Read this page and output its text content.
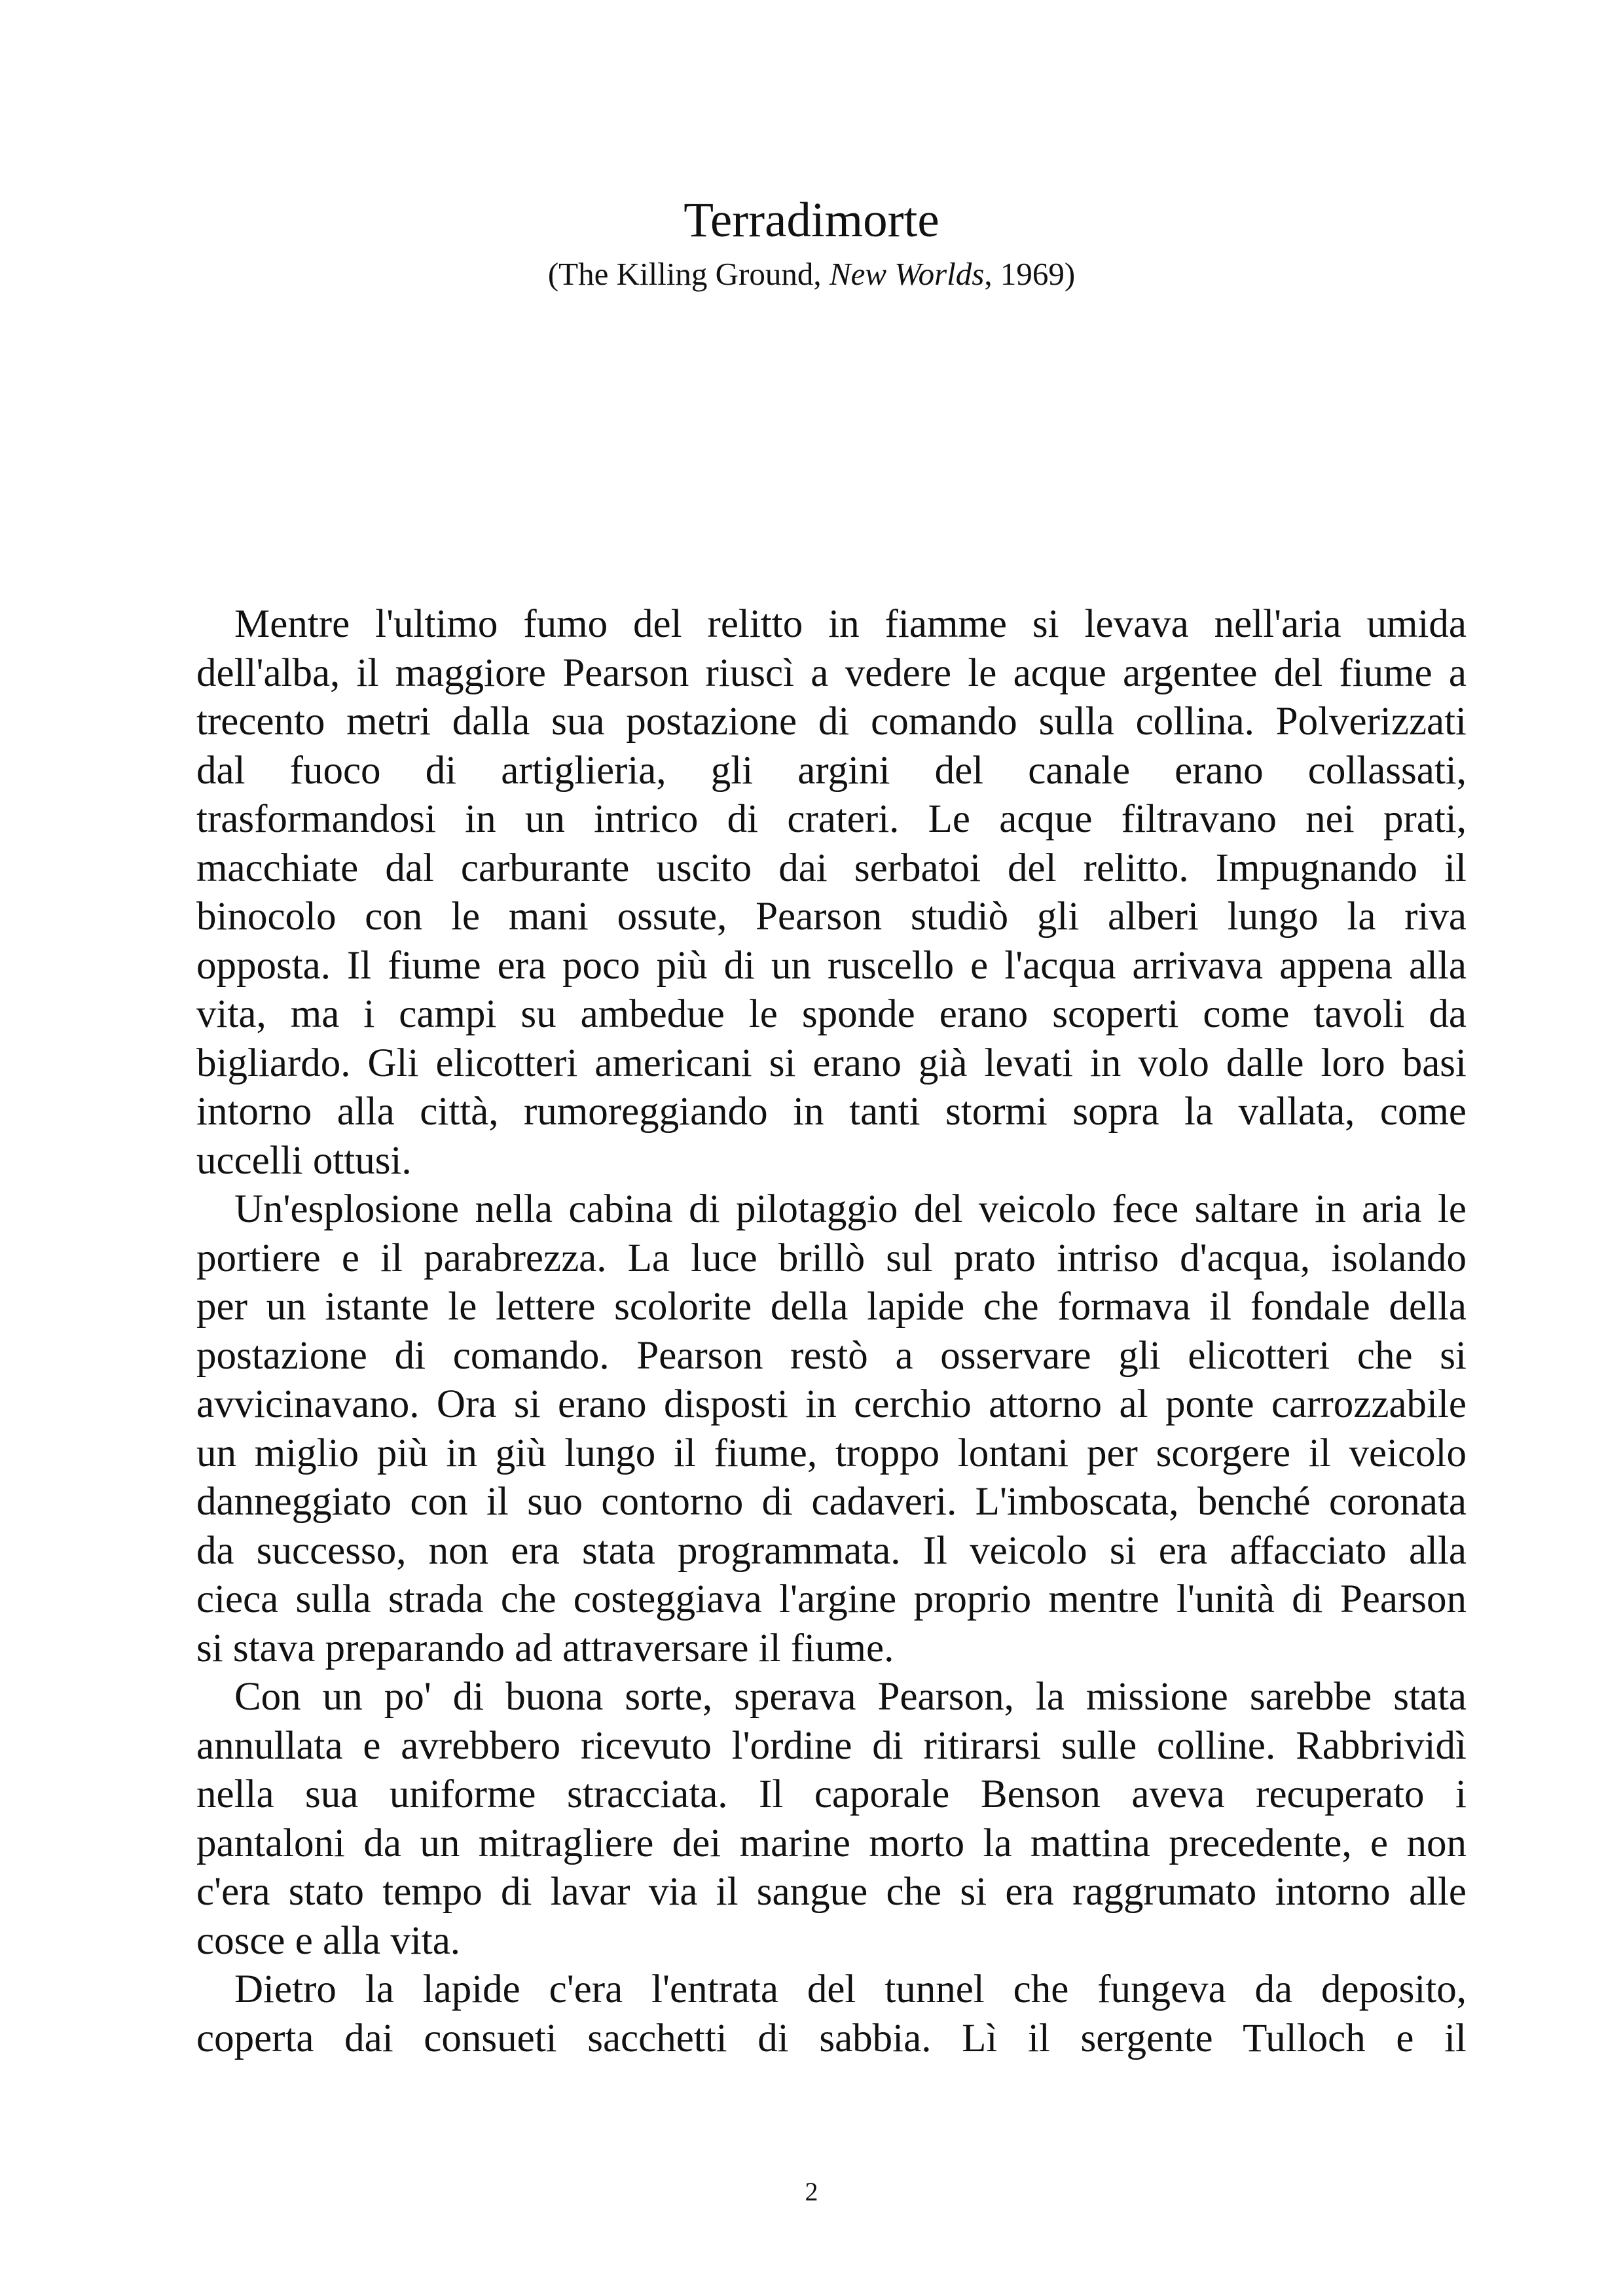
Terradimorte
(The Killing Ground, New Worlds, 1969)
Mentre l'ultimo fumo del relitto in fiamme si levava nell'aria umida
dell'alba, il maggiore Pearson riuscì a vedere le acque argentee del fiume a
trecento metri dalla sua postazione di comando sulla collina. Polverizzati
dal fuoco di artiglieria, gli argini del canale erano collassati,
trasformandosi in un intrico di crateri. Le acque filtravano nei prati,
macchiate dal carburante uscito dai serbatoi del relitto. Impugnando il
binocolo con le mani ossute, Pearson studiò gli alberi lungo la riva
opposta. Il fiume era poco più di un ruscello e l'acqua arrivava appena alla
vita, ma i campi su ambedue le sponde erano scoperti come tavoli da
bigliardo. Gli elicotteri americani si erano già levati in volo dalle loro basi
intorno alla città, rumoreggiando in tanti stormi sopra la vallata, come
uccelli ottusi.
Un'esplosione nella cabina di pilotaggio del veicolo fece saltare in aria le
portiere e il parabrezza. La luce brillò sul prato intriso d'acqua, isolando
per un istante le lettere scolorite della lapide che formava il fondale della
postazione di comando. Pearson restò a osservare gli elicotteri che si
avvicinavano. Ora si erano disposti in cerchio attorno al ponte carrozzabile
un miglio più in giù lungo il fiume, troppo lontani per scorgere il veicolo
danneggiato con il suo contorno di cadaveri. L'imboscata, benché coronata
da successo, non era stata programmata. Il veicolo si era affacciato alla
cieca sulla strada che costeggiava l'argine proprio mentre l'unità di Pearson
si stava preparando ad attraversare il fiume.
Con un po' di buona sorte, sperava Pearson, la missione sarebbe stata
annullata e avrebbero ricevuto l'ordine di ritirarsi sulle colline. Rabbrividì
nella sua uniforme stracciata. Il caporale Benson aveva recuperato i
pantaloni da un mitragliere dei marine morto la mattina precedente, e non
c'era stato tempo di lavar via il sangue che si era raggrumato intorno alle
cosce e alla vita.
Dietro la lapide c'era l'entrata del tunnel che fungeva da deposito,
coperta dai consueti sacchetti di sabbia. Lì il sergente Tulloch e il
2
